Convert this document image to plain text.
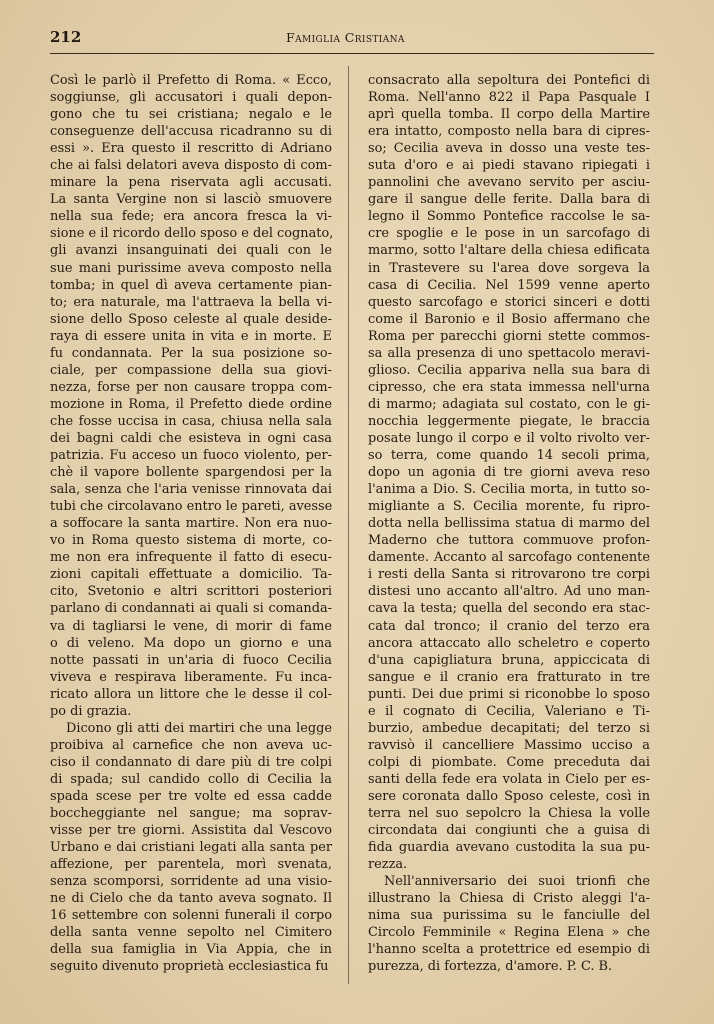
212	Famiglia Cristiana
Così le parlò il Prefetto di Roma. « Ecco,
soggiunse, gli accusatori i quali depon-
gono che tu sei cristiana; negalo e le
conseguenze dell'accusa ricadranno su di
essi ». Era questo il rescritto di Adriano
che ai falsi delatori aveva disposto di com-
minare la pena riservata agli accusati.
La santa Vergine non si lasciò smuovere
nella sua fede; era ancora fresca la vi-
sione e il ricordo dello sposo e del cognato,
gli avanzi insanguinati dei quali con le
sue mani purissime aveva composto nella
tomba; in quel dì aveva certamente pian-
to; era naturale, ma l'attraeva la bella vi-
sione dello Sposo celeste al quale deside-
raya di essere unita in vita e in morte. E
fu condannata. Per la sua posizione so-
ciale, per compassione della sua giovi-
nezza, forse per non causare troppa com-
mozione in Roma, il Prefetto diede ordine
che fosse uccisa in casa, chiusa nella sala
dei bagni caldi che esisteva in ogni casa
patrizia. Fu acceso un fuoco violento, per-
chè il vapore bollente spargendosi per la
sala, senza che l'aria venisse rinnovata dai
tubi che circolavano entro le pareti, avesse
a soffocare la santa martire. Non era nuo-
vo in Roma questo sistema di morte, co-
me non era infrequente il fatto di esecu-
zioni capitali effettuate a domicilio. Ta-
cito, Svetonio e altri scrittori posteriori
parlano di condannati ai quali si comanda-
va di tagliarsi le vene, di morir di fame
o di veleno. Ma dopo un giorno e una
notte passati in un'aria di fuoco Cecilia
viveva e respirava liberamente. Fu inca-
ricato allora un littore che le desse il col-
po di grazia.
Dicono gli atti dei martiri che una legge
proibiva al carnefice che non aveva uc-
ciso il condannato di dare più di tre colpi
di spada; sul candido collo di Cecilia la
spada scese per tre volte ed essa cadde
boccheggiante nel sangue; ma soprav-
visse per tre giorni. Assistita dal Vescovo
Urbano e dai cristiani legati alla santa per
affezione, per parentela, morì svenata,
senza scomporsi, sorridente ad una visio-
ne di Cielo che da tanto aveva sognato. Il
16 settembre con solenni funerali il corpo
della santa venne sepolto nel Cimitero
della sua famiglia in Via Appia, che in
seguito divenuto proprietà ecclesiastica fu
consacrato alla sepoltura dei Pontefici di
Roma. Nell'anno 822 il Papa Pasquale I
aprì quella tomba. Il corpo della Martire
era intatto, composto nella bara di cipres-
so; Cecilia aveva in dosso una veste tes-
suta d'oro e ai piedi stavano ripiegati i
pannolini che avevano servito per asciu-
gare il sangue delle ferite. Dalla bara di
legno il Sommo Pontefice raccolse le sa-
cre spoglie e le pose in un sarcofago di
marmo, sotto l'altare della chiesa edificata
in Trastevere su l'area dove sorgeva la
casa di Cecilia. Nel 1599 venne aperto
questo sarcofago e storici sinceri e dotti
come il Baronio e il Bosio affermano che
Roma per parecchi giorni stette commos-
sa alla presenza di uno spettacolo meravi-
glioso. Cecilia appariva nella sua bara di
cipresso, che era stata immessa nell'urna
di marmo; adagiata sul costato, con le gi-
nocchia leggermente piegate, le braccia
posate lungo il corpo e il volto rivolto ver-
so terra, come quando 14 secoli prima,
dopo un agonia di tre giorni aveva reso
l'anima a Dio. S. Cecilia morta, in tutto so-
migliante a S. Cecilia morente, fu ripro-
dotta nella bellissima statua di marmo del
Maderno che tuttora commuove profon-
damente. Accanto al sarcofago contenente
i resti della Santa si ritrovarono tre corpi
distesi uno accanto all'altro. Ad uno man-
cava la testa; quella del secondo era stac-
cata dal tronco; il cranio del terzo era
ancora attaccato allo scheletro e coperto
d'una capigliatura bruna, appiccicata di
sangue e il cranio era fratturato in tre
punti. Dei due primi si riconobbe lo sposo
e il cognato di Cecilia, Valeriano e Ti-
burzio, ambedue decapitati; del terzo si
ravvisò il cancelliere Massimo ucciso a
colpi di piombate. Come preceduta dai
santi della fede era volata in Cielo per es-
sere coronata dallo Sposo celeste, così in
terra nel suo sepolcro la Chiesa la volle
circondata dai congiunti che a guisa di
fida guardia avevano custodita la sua pu-
rezza.
Nell'anniversario dei suoi trionfi che
illustrano la Chiesa di Cristo aleggi l'a-
nima sua purissima su le fanciulle del
Circolo Femminile « Regina Elena » che
l'hanno scelta a protettrice ed esempio di
purezza, di fortezza, d'amore. P. C. B.
